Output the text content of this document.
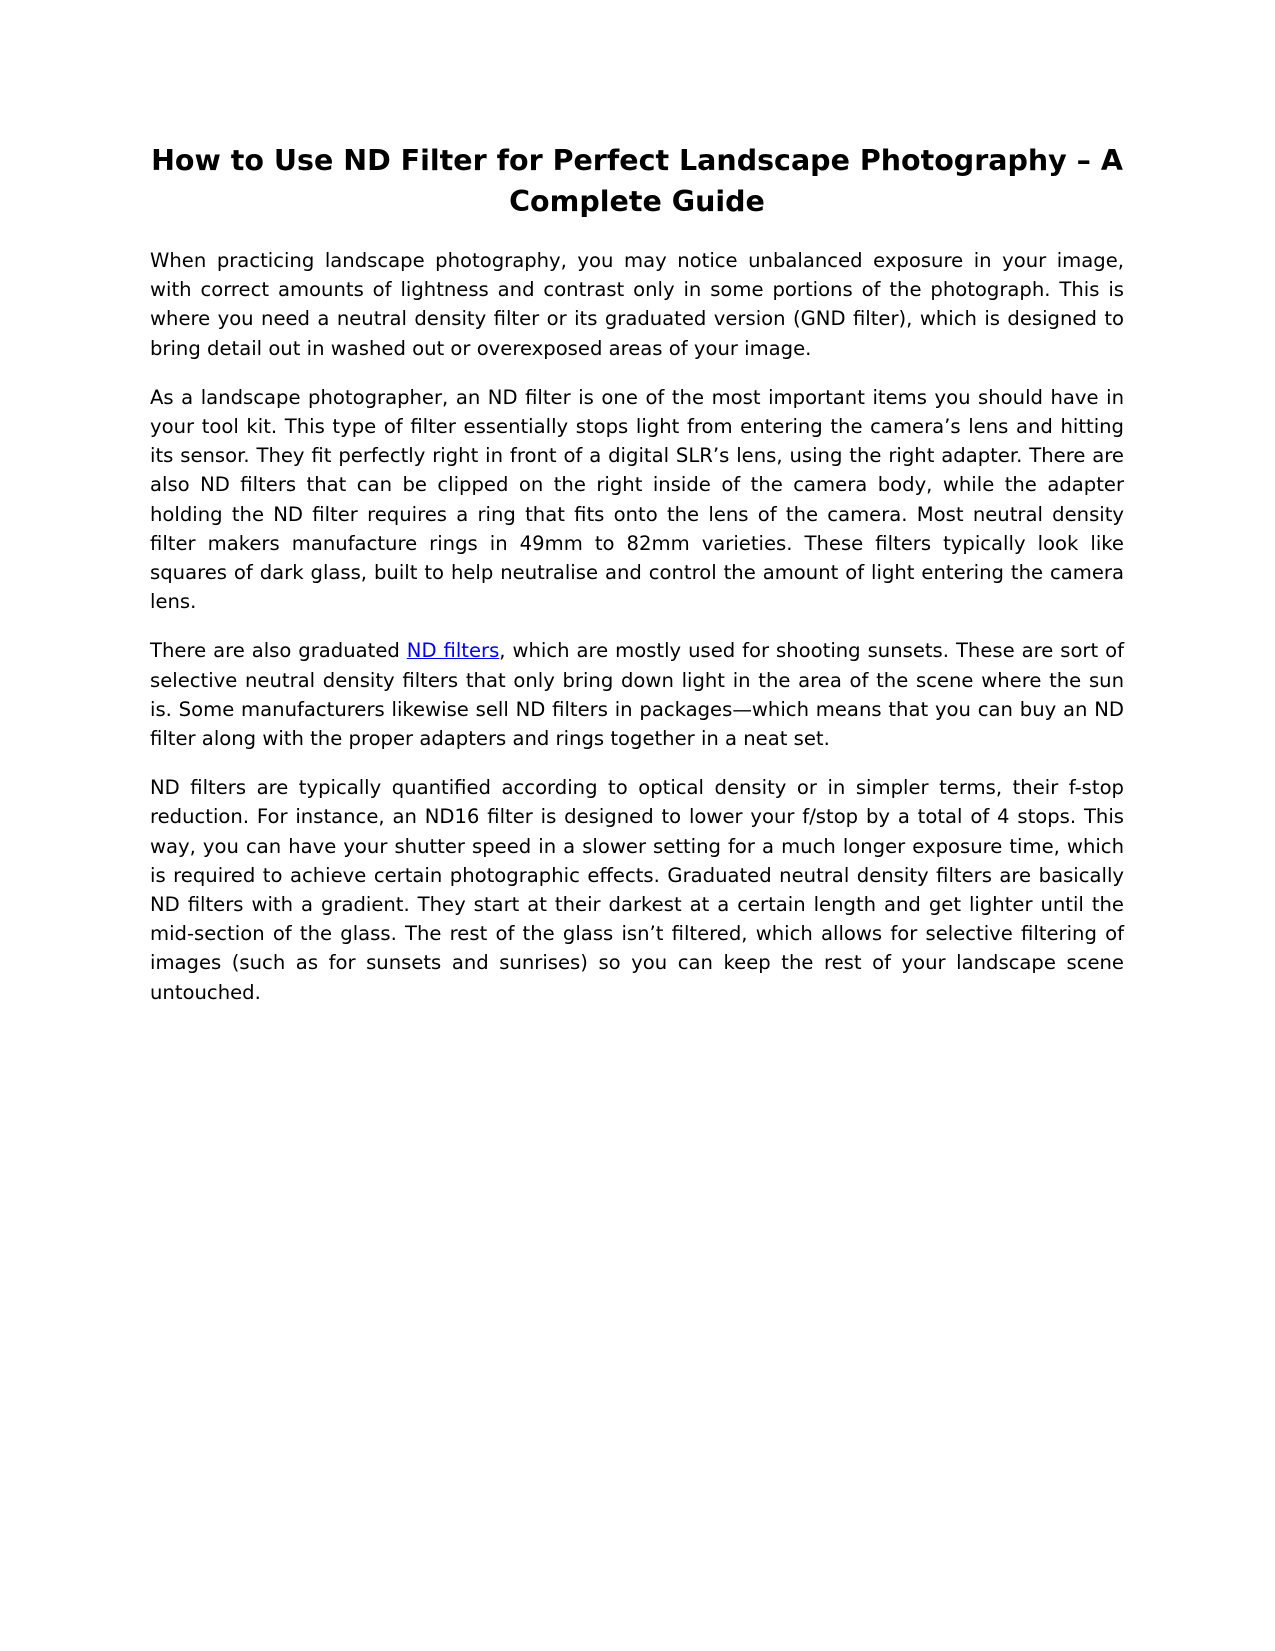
How to Use ND Filter for Perfect Landscape Photography – A Complete Guide

When practicing landscape photography, you may notice unbalanced exposure in your image, with correct amounts of lightness and contrast only in some portions of the photograph. This is where you need a neutral density filter or its graduated version (GND filter), which is designed to bring detail out in washed out or overexposed areas of your image.

As a landscape photographer, an ND filter is one of the most important items you should have in your tool kit. This type of filter essentially stops light from entering the camera’s lens and hitting its sensor. They fit perfectly right in front of a digital SLR’s lens, using the right adapter. There are also ND filters that can be clipped on the right inside of the camera body, while the adapter holding the ND filter requires a ring that fits onto the lens of the camera. Most neutral density filter makers manufacture rings in 49mm to 82mm varieties. These filters typically look like squares of dark glass, built to help neutralise and control the amount of light entering the camera lens.

There are also graduated ND filters, which are mostly used for shooting sunsets. These are sort of selective neutral density filters that only bring down light in the area of the scene where the sun is. Some manufacturers likewise sell ND filters in packages—which means that you can buy an ND filter along with the proper adapters and rings together in a neat set.

ND filters are typically quantified according to optical density or in simpler terms, their f-stop reduction. For instance, an ND16 filter is designed to lower your f/stop by a total of 4 stops. This way, you can have your shutter speed in a slower setting for a much longer exposure time, which is required to achieve certain photographic effects. Graduated neutral density filters are basically ND filters with a gradient. They start at their darkest at a certain length and get lighter until the mid-section of the glass. The rest of the glass isn’t filtered, which allows for selective filtering of images (such as for sunsets and sunrises) so you can keep the rest of your landscape scene untouched.
